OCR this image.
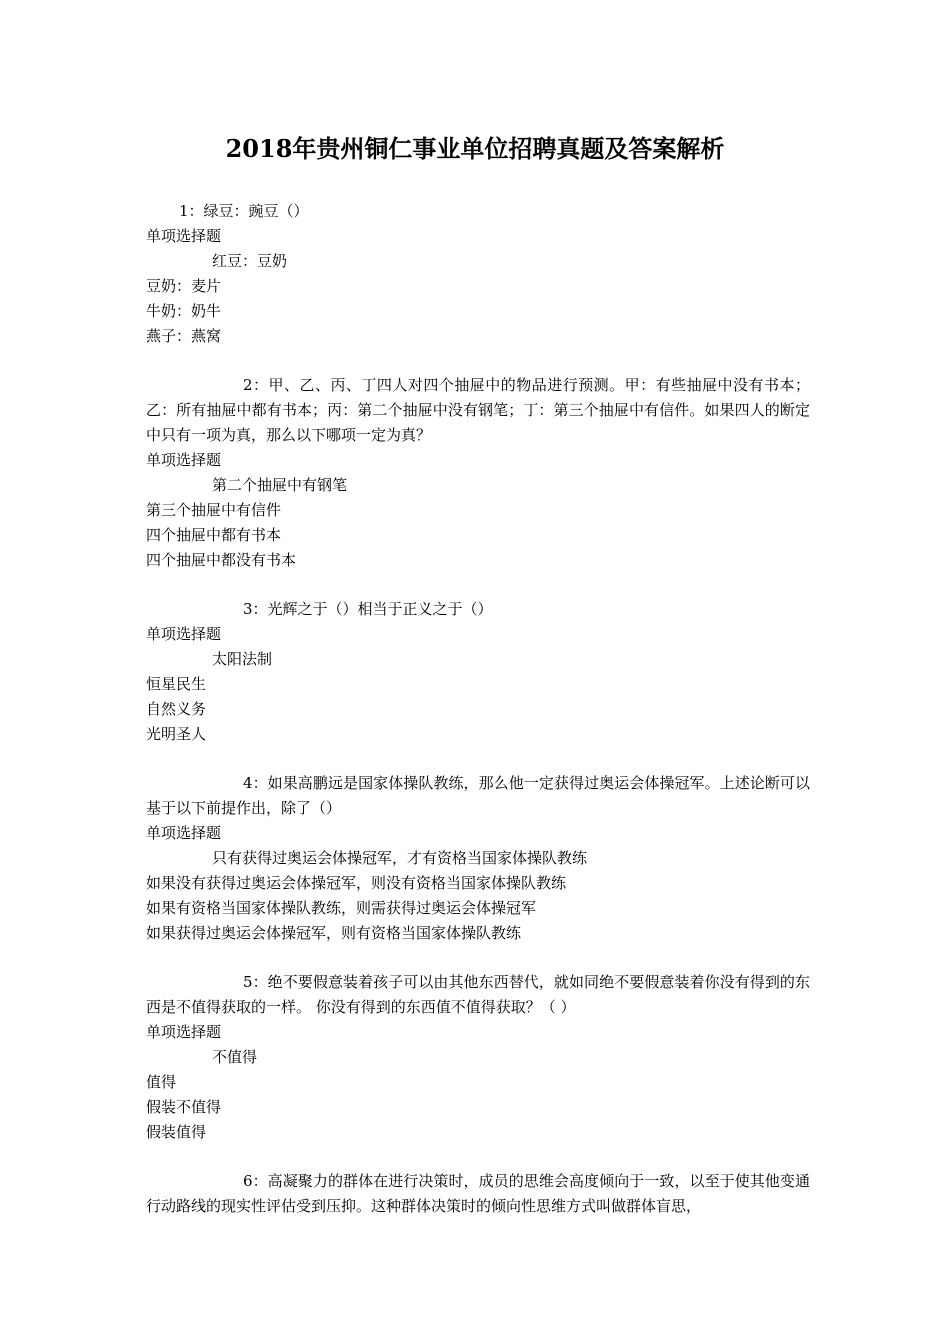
2018年贵州铜仁事业单位招聘真题及答案解析
1：绿豆：豌豆（）
单项选择题
红豆：豆奶
豆奶：麦片
牛奶：奶牛
燕子：燕窝
2：甲、乙、丙、丁四人对四个抽屉中的物品进行预测。甲：有些抽屉中没有书本；乙：所有抽屉中都有书本；丙：第二个抽屉中没有钢笔；丁：第三个抽屉中有信件。如果四人的断定中只有一项为真，那么以下哪项一定为真？
单项选择题
第二个抽屉中有钢笔
第三个抽屉中有信件
四个抽屉中都有书本
四个抽屉中都没有书本
3：光辉之于（）相当于正义之于（）
单项选择题
太阳法制
恒星民生
自然义务
光明圣人
4：如果高鹏远是国家体操队教练，那么他一定获得过奥运会体操冠军。上述论断可以基于以下前提作出，除了（）
单项选择题
只有获得过奥运会体操冠军，才有资格当国家体操队教练
如果没有获得过奥运会体操冠军，则没有资格当国家体操队教练
如果有资格当国家体操队教练，则需获得过奥运会体操冠军
如果获得过奥运会体操冠军，则有资格当国家体操队教练
5：绝不要假意装着孩子可以由其他东西替代，就如同绝不要假意装着你没有得到的东西是不值得获取的一样。 你没有得到的东西值不值得获取？（ ）
单项选择题
不值得
值得
假装不值得
假装值得
6：高凝聚力的群体在进行决策时，成员的思维会高度倾向于一致，以至于使其他变通行动路线的现实性评估受到压抑。这种群体决策时的倾向性思维方式叫做群体盲思，
